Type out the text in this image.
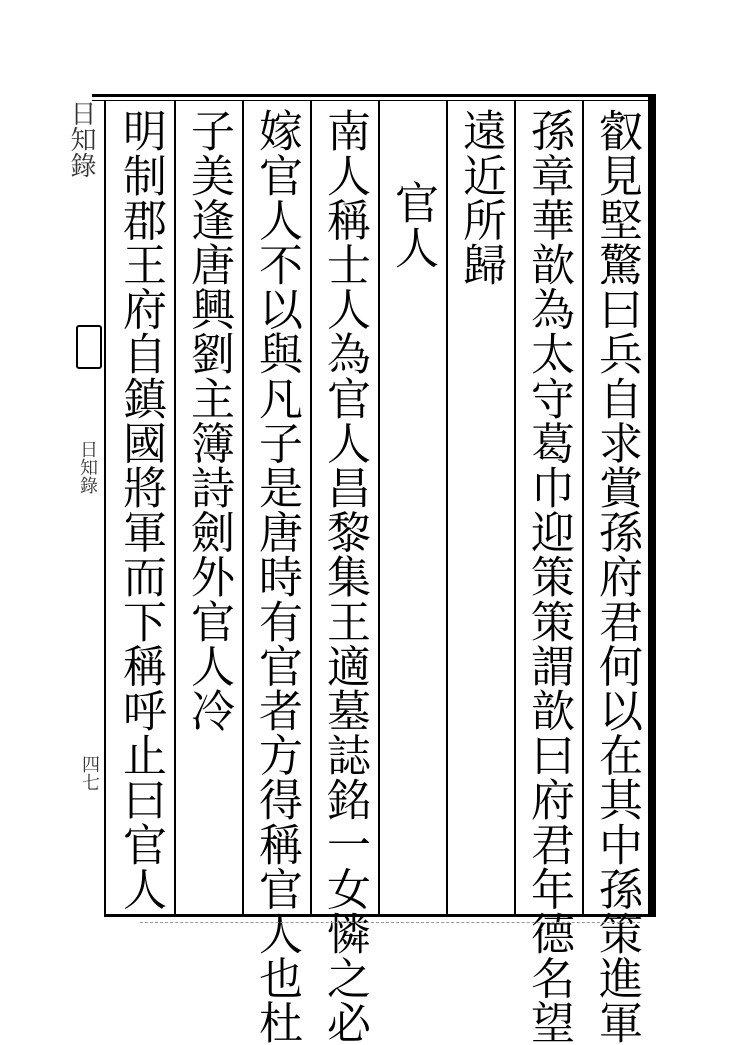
日知錄
日知錄
四七	叡見堅驚曰兵自求賞孫府君何以在其中孫策進軍
孫章華歆為太守葛巾迎策策謂歆曰府君年德名望
遠近所歸
官人
南人稱士人為官人昌黎集王適墓誌銘一女憐之必
嫁官人不以與凡子是唐時有官者方得稱官人也杜
子美逢唐興劉主簿詩劍外官人冷
明制郡王府自鎮國將軍而下稱呼止曰官人
